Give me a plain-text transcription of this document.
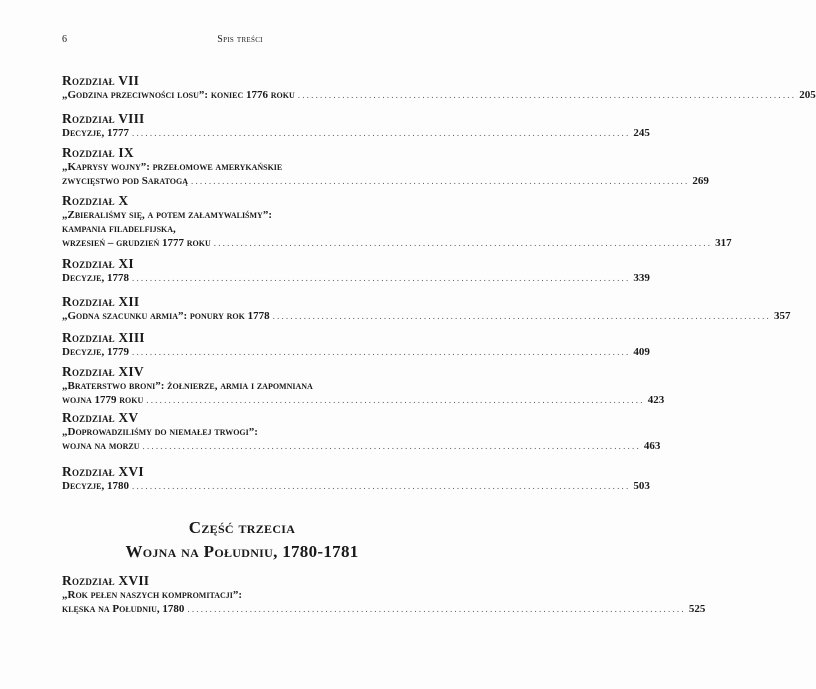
6	Spis treści
Rozdział VII
„Godzina przeciwności losu”: koniec 1776 roku ................................................................................................................ 205
Rozdział VIII
Decyzje, 1777 ................................................................................................................ 245
Rozdział IX
„Kaprysy wojny”: przełomowe amerykańskie
zwycięstwo pod Saratogą ................................................................................................................ 269
Rozdział X
„Zbieraliśmy się, a potem załamywaliśmy”:
kampania filadelfijska,
wrzesień – grudzień 1777 roku ................................................................................................................ 317
Rozdział XI
Decyzje, 1778 ................................................................................................................ 339
Rozdział XII
„Godna szacunku armia”: ponury rok 1778 ................................................................................................................ 357
Rozdział XIII
Decyzje, 1779 ................................................................................................................ 409
Rozdział XIV
„Braterstwo broni”: żołnierze, armia i zapomniana
wojna 1779 roku ................................................................................................................ 423
Rozdział XV
„Doprowadziliśmy do niemałej trwogi”:
wojna na morzu ................................................................................................................ 463
Rozdział XVI
Decyzje, 1780 ................................................................................................................ 503
Rozdział XVII
„Rok pełen naszych kompromitacji”:
klęska na Południu, 1780 ................................................................................................................ 525
Część trzecia
Wojna na Południu, 1780-1781
